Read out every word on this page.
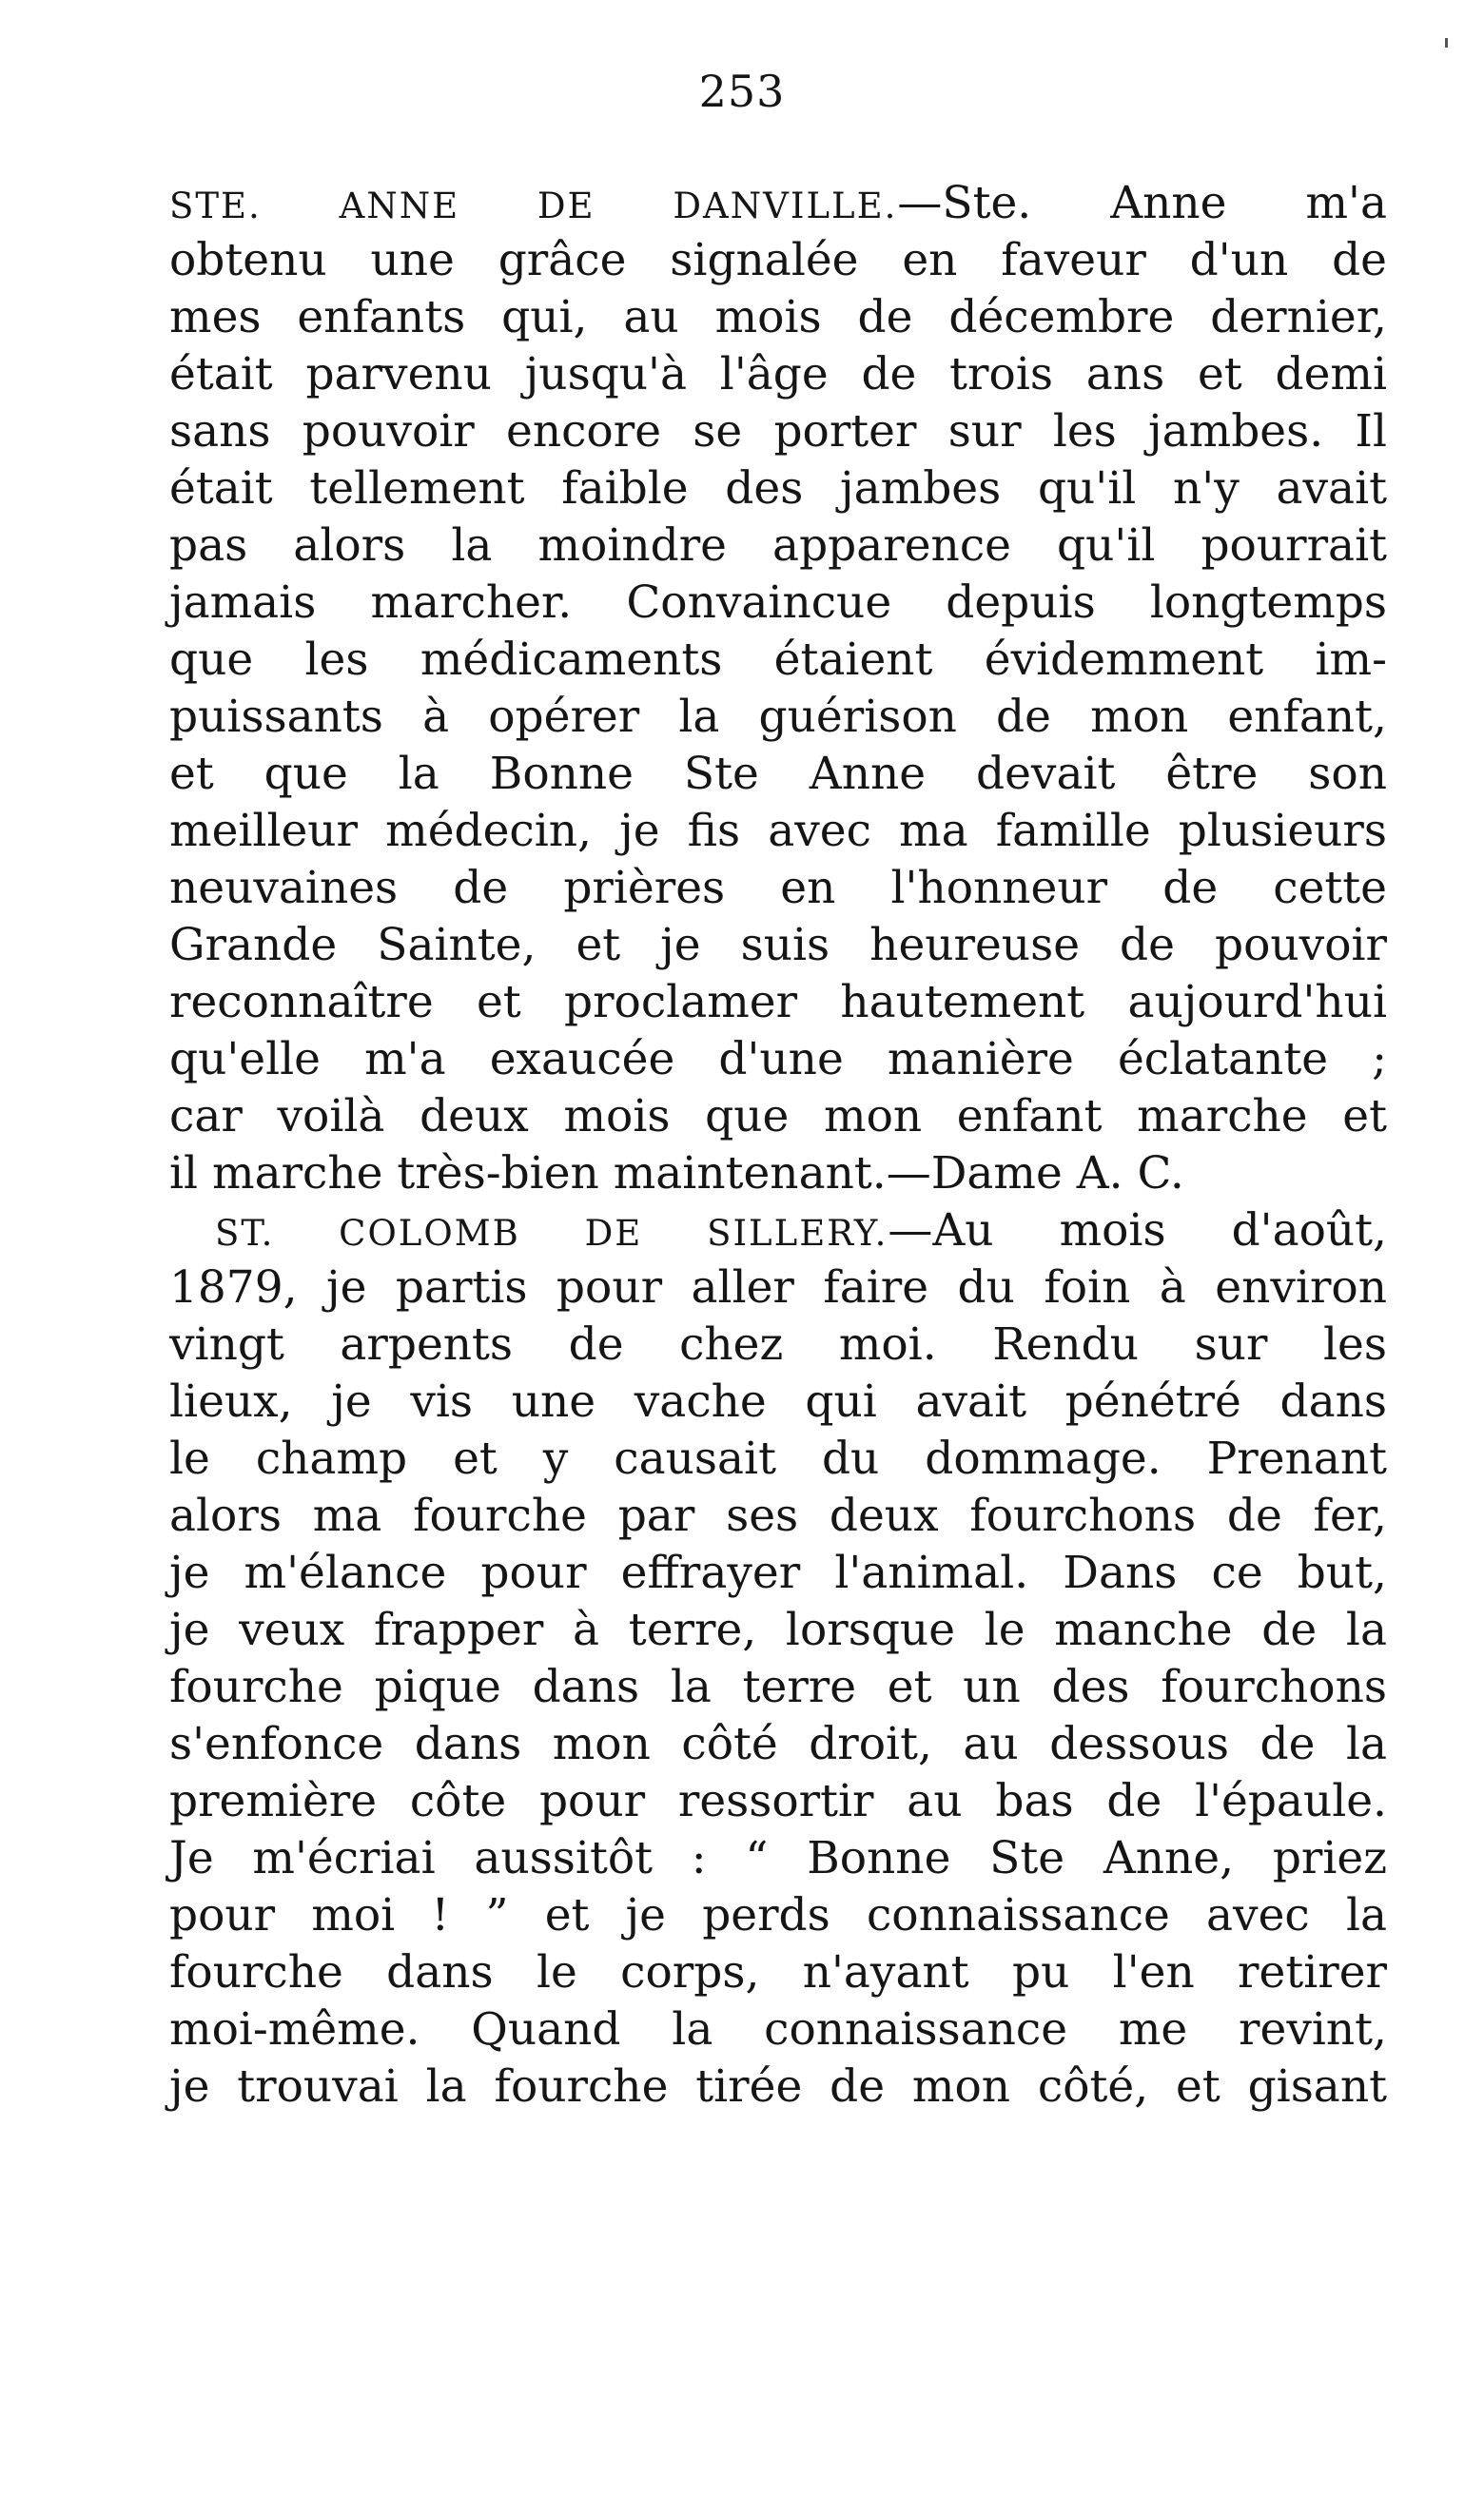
253
STE. ANNE DE DANVILLE.—Ste. Anne m'a
obtenu une grâce signalée en faveur d'un de
mes enfants qui, au mois de décembre dernier,
était parvenu jusqu'à l'âge de trois ans et demi
sans pouvoir encore se porter sur les jambes. Il
était tellement faible des jambes qu'il n'y avait
pas alors la moindre apparence qu'il pourrait
jamais marcher. Convaincue depuis longtemps
que les médicaments étaient évidemment im-
puissants à opérer la guérison de mon enfant,
et que la Bonne Ste Anne devait être son
meilleur médecin, je fis avec ma famille plusieurs
neuvaines de prières en l'honneur de cette
Grande Sainte, et je suis heureuse de pouvoir
reconnaître et proclamer hautement aujourd'hui
qu'elle m'a exaucée d'une manière éclatante ;
car voilà deux mois que mon enfant marche et
il marche très-bien maintenant.—Dame A. C.
ST. COLOMB DE SILLERY.—Au mois d'août,
1879, je partis pour aller faire du foin à environ
vingt arpents de chez moi. Rendu sur les
lieux, je vis une vache qui avait pénétré dans
le champ et y causait du dommage. Prenant
alors ma fourche par ses deux fourchons de fer,
je m'élance pour effrayer l'animal. Dans ce but,
je veux frapper à terre, lorsque le manche de la
fourche pique dans la terre et un des fourchons
s'enfonce dans mon côté droit, au dessous de la
première côte pour ressortir au bas de l'épaule.
Je m'écriai aussitôt : “ Bonne Ste Anne, priez
pour moi ! ” et je perds connaissance avec la
fourche dans le corps, n'ayant pu l'en retirer
moi-même. Quand la connaissance me revint,
je trouvai la fourche tirée de mon côté, et gisant
